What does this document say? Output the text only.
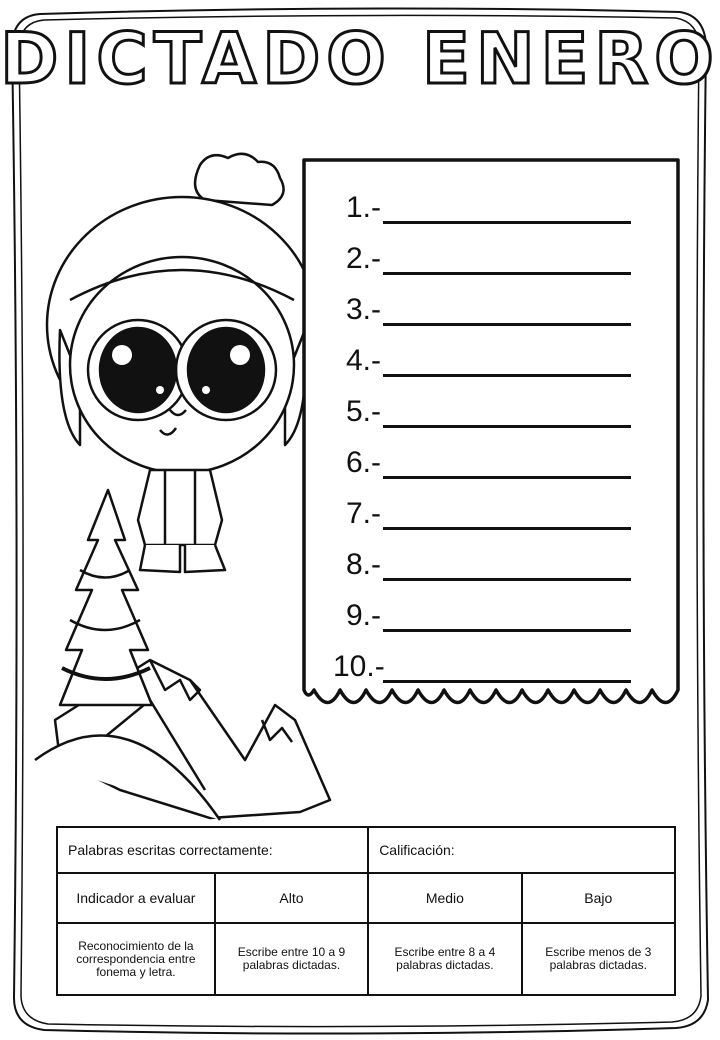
DICTADO ENERO
1.-
2.-
3.-
4.-
5.-
6.-
7.-
8.-
9.-
10.-
Palabras escritas correctamente:		Calificación:	
Indicador a evaluar	Alto	Medio	Bajo
Reconocimiento de la correspondencia entre fonema y letra.	Escribe entre 10 a 9 palabras dictadas.	Escribe entre 8 a 4 palabras dictadas.	Escribe menos de 3 palabras dictadas.
